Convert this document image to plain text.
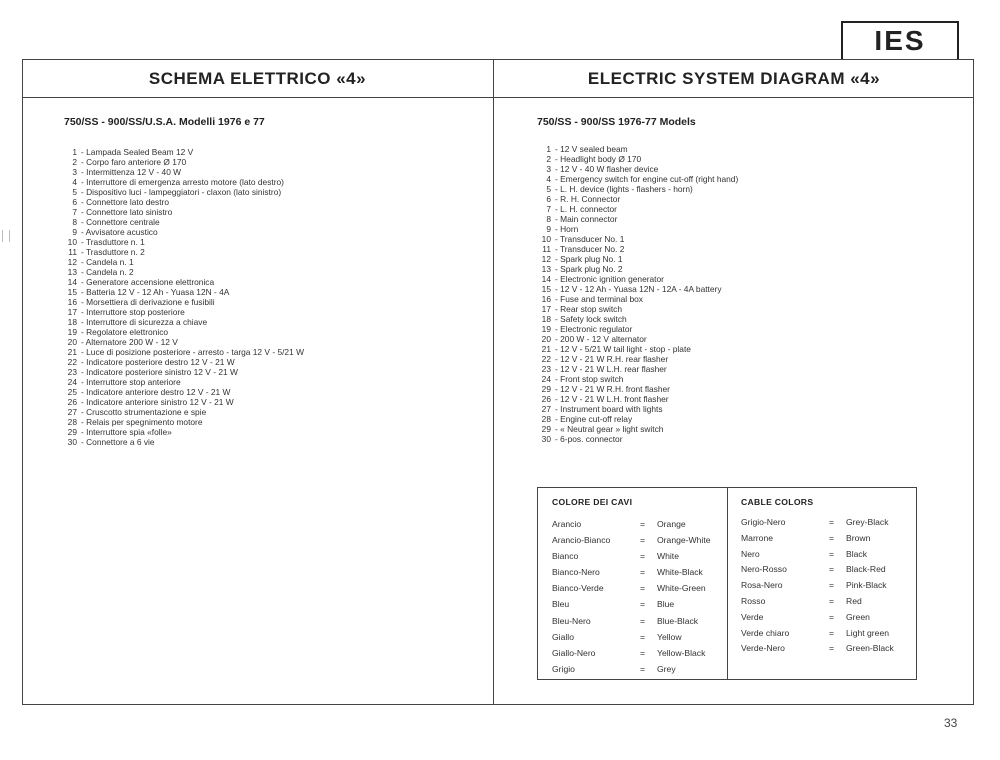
IES
SCHEMA ELETTRICO «4»	ELECTRIC SYSTEM DIAGRAM «4»
750/SS - 900/SS/U.S.A. Modelli 1976 e 77	750/SS - 900/SS 1976-77 Models
1 - Lampada Sealed Beam 12 V
2 - Corpo faro anteriore Ø 170
3 - Intermittenza 12 V - 40 W
4 - Interruttore di emergenza arresto motore (lato destro)
5 - Dispositivo luci - lampeggiatori - claxon (lato sinistro)
6 - Connettore lato destro
7 - Connettore lato sinistro
8 - Connettore centrale
9 - Avvisatore acustico
10 - Trasduttore n. 1
11 - Trasduttore n. 2
12 - Candela n. 1
13 - Candela n. 2
14 - Generatore accensione elettronica
15 - Batteria 12 V - 12 Ah - Yuasa 12N - 4A
16 - Morsettiera di derivazione e fusibili
17 - Interruttore stop posteriore
18 - Interruttore di sicurezza a chiave
19 - Regolatore elettronico
20 - Alternatore 200 W - 12 V
21 - Luce di posizione posteriore - arresto - targa 12 V - 5/21 W
22 - Indicatore posteriore destro 12 V - 21 W
23 - Indicatore posteriore sinistro 12 V - 21 W
24 - Interruttore stop anteriore
25 - Indicatore anteriore destro 12 V - 21 W
26 - Indicatore anteriore sinistro 12 V - 21 W
27 - Cruscotto strumentazione e spie
28 - Relais per spegnimento motore
29 - Interruttore spia «folle»
30 - Connettore a 6 vie
1 - 12 V sealed beam
2 - Headlight body Ø 170
3 - 12 V - 40 W flasher device
4 - Emergency switch for engine cut-off (right hand)
5 - L. H. device (lights - flashers - horn)
6 - R. H. Connector
7 - L. H. connector
8 - Main connector
9 - Horn
10 - Transducer No. 1
11 - Transducer No. 2
12 - Spark plug No. 1
13 - Spark plug No. 2
14 - Electronic ignition generator
15 - 12 V - 12 Ah - Yuasa 12N - 12A - 4A battery
16 - Fuse and terminal box
17 - Rear stop switch
18 - Safety lock switch
19 - Electronic regulator
20 - 200 W - 12 V alternator
21 - 12 V - 5/21 W tail light - stop - plate
22 - 12 V - 21 W R.H. rear flasher
23 - 12 V - 21 W L.H. rear flasher
24 - Front stop switch
29 - 12 V - 21 W R.H. front flasher
26 - 12 V - 21 W L.H. front flasher
27 - Instrument board with lights
28 - Engine cut-off relay
29 - « Neutral gear » light switch
30 - 6-pos. connector
COLORE DEI CAVI	CABLE COLORS
Arancio	= Orange
Arancio-Bianco	= Orange-White
Bianco	= White
Bianco-Nero	= White-Black
Bianco-Verde	= White-Green
Bleu	= Blue
Bleu-Nero	= Blue-Black
Giallo	= Yellow
Giallo-Nero	= Yellow-Black
Grigio	= Grey
Grigio-Nero	= Grey-Black
Marrone	= Brown
Nero	= Black
Nero-Rosso	= Black-Red
Rosa-Nero	= Pink-Black
Rosso	= Red
Verde	= Green
Verde chiaro	= Light green
Verde-Nero	= Green-Black
33
